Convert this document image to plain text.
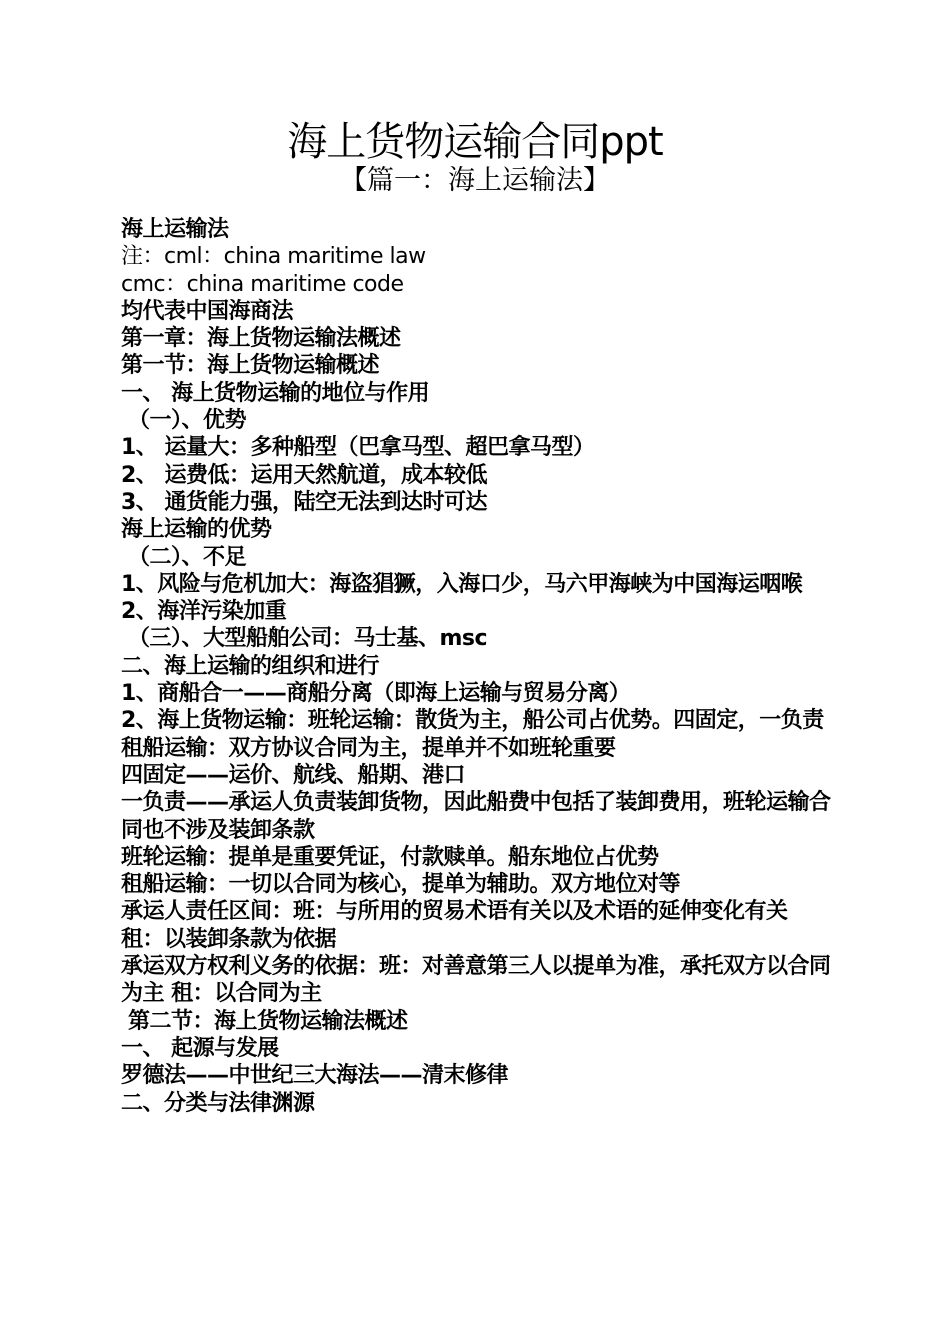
海上货物运输合同ppt
【篇一：海上运输法】
海上运输法
注：cml：china maritime law
cmc：china maritime code
均代表中国海商法
第一章：海上货物运输法概述
第一节：海上货物运输概述
一、 海上货物运输的地位与作用
（一）、优势
1、 运量大：多种船型（巴拿马型、超巴拿马型）
2、 运费低：运用天然航道，成本较低
3、 通货能力强，陆空无法到达时可达
海上运输的优势
（二）、不足
1、风险与危机加大：海盗猖獗，入海口少，马六甲海峡为中国海运咽喉
2、海洋污染加重
（三）、大型船舶公司：马士基、msc
二、海上运输的组织和进行
1、商船合一——商船分离（即海上运输与贸易分离）
2、海上货物运输：班轮运输：散货为主，船公司占优势。四固定，一负责
租船运输：双方协议合同为主，提单并不如班轮重要
四固定——运价、航线、船期、港口
一负责——承运人负责装卸货物，因此船费中包括了装卸费用，班轮运输合同也不涉及装卸条款
班轮运输：提单是重要凭证，付款赎单。船东地位占优势
租船运输：一切以合同为核心，提单为辅助。双方地位对等
承运人责任区间：班：与所用的贸易术语有关以及术语的延伸变化有关
租：以装卸条款为依据
承运双方权利义务的依据：班：对善意第三人以提单为准，承托双方以合同为主 租：以合同为主
第二节：海上货物运输法概述
一、 起源与发展
罗德法——中世纪三大海法——清末修律
二、分类与法律渊源
